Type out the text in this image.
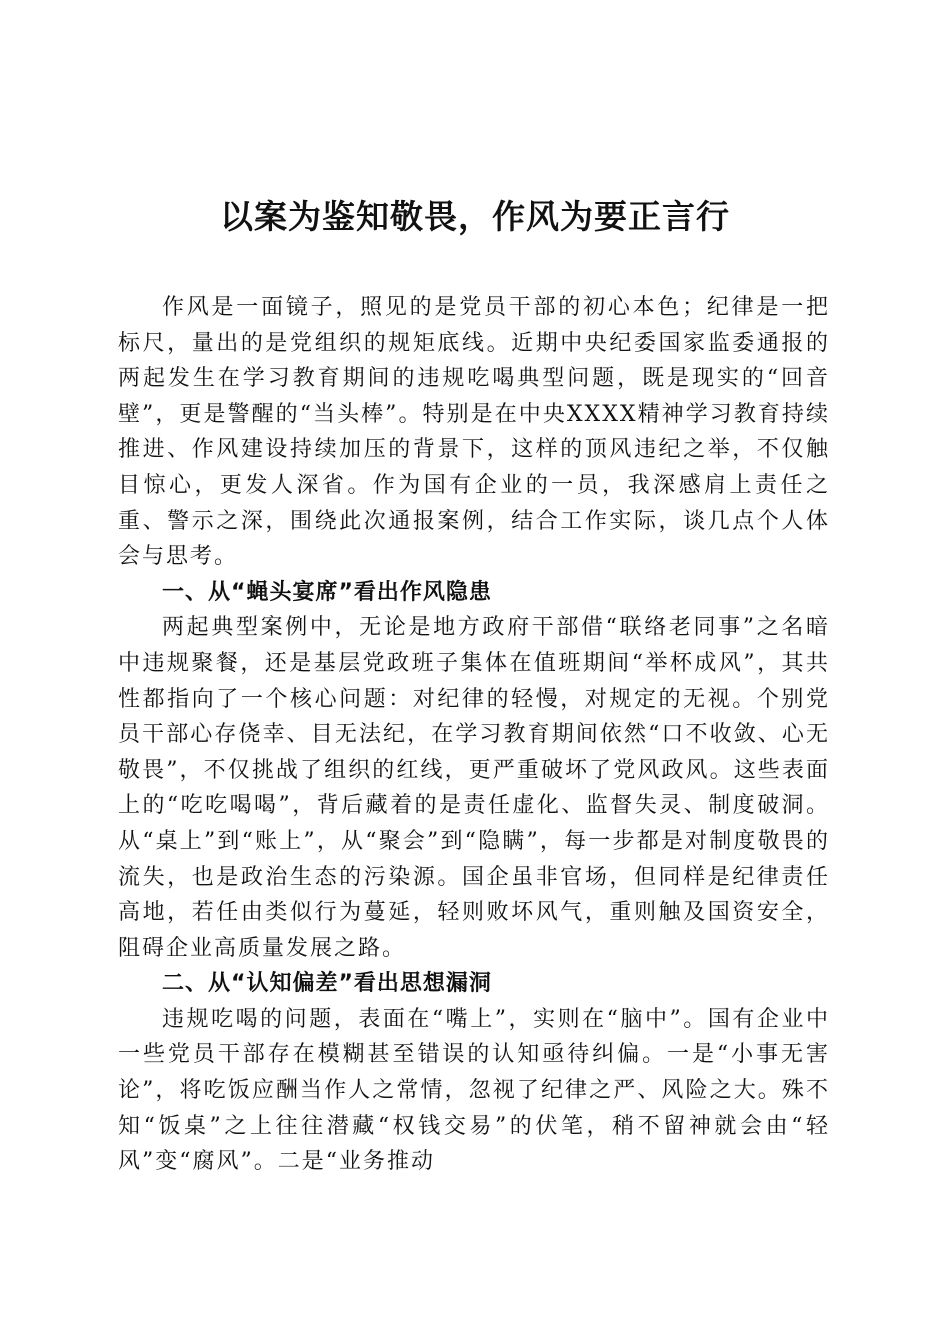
以案为鉴知敬畏，作风为要正言行

作风是一面镜子，照见的是党员干部的初心本色；纪律是一把标尺，量出的是党组织的规矩底线。近期中央纪委国家监委通报的两起发生在学习教育期间的违规吃喝典型问题，既是现实的“回音壁”，更是警醒的“当头棒”。特别是在中央XXXX精神学习教育持续推进、作风建设持续加压的背景下，这样的顶风违纪之举，不仅触目惊心，更发人深省。作为国有企业的一员，我深感肩上责任之重、警示之深，围绕此次通报案例，结合工作实际，谈几点个人体会与思考。

一、从“蝇头宴席”看出作风隐患

两起典型案例中，无论是地方政府干部借“联络老同事”之名暗中违规聚餐，还是基层党政班子集体在值班期间“举杯成风”，其共性都指向了一个核心问题：对纪律的轻慢，对规定的无视。个别党员干部心存侥幸、目无法纪，在学习教育期间依然“口不收敛、心无敬畏”，不仅挑战了组织的红线，更严重破坏了党风政风。这些表面上的“吃吃喝喝”，背后藏着的是责任虚化、监督失灵、制度破洞。从“桌上”到“账上”，从“聚会”到“隐瞒”，每一步都是对制度敬畏的流失，也是政治生态的污染源。国企虽非官场，但同样是纪律责任高地，若任由类似行为蔓延，轻则败坏风气，重则触及国资安全，阻碍企业高质量发展之路。

二、从“认知偏差”看出思想漏洞

违规吃喝的问题，表面在“嘴上”，实则在“脑中”。国有企业中一些党员干部存在模糊甚至错误的认知亟待纠偏。一是“小事无害论”，将吃饭应酬当作人之常情，忽视了纪律之严、风险之大。殊不知“饭桌”之上往往潜藏“权钱交易”的伏笔，稍不留神就会由“轻风”变“腐风”。二是“业务推动
